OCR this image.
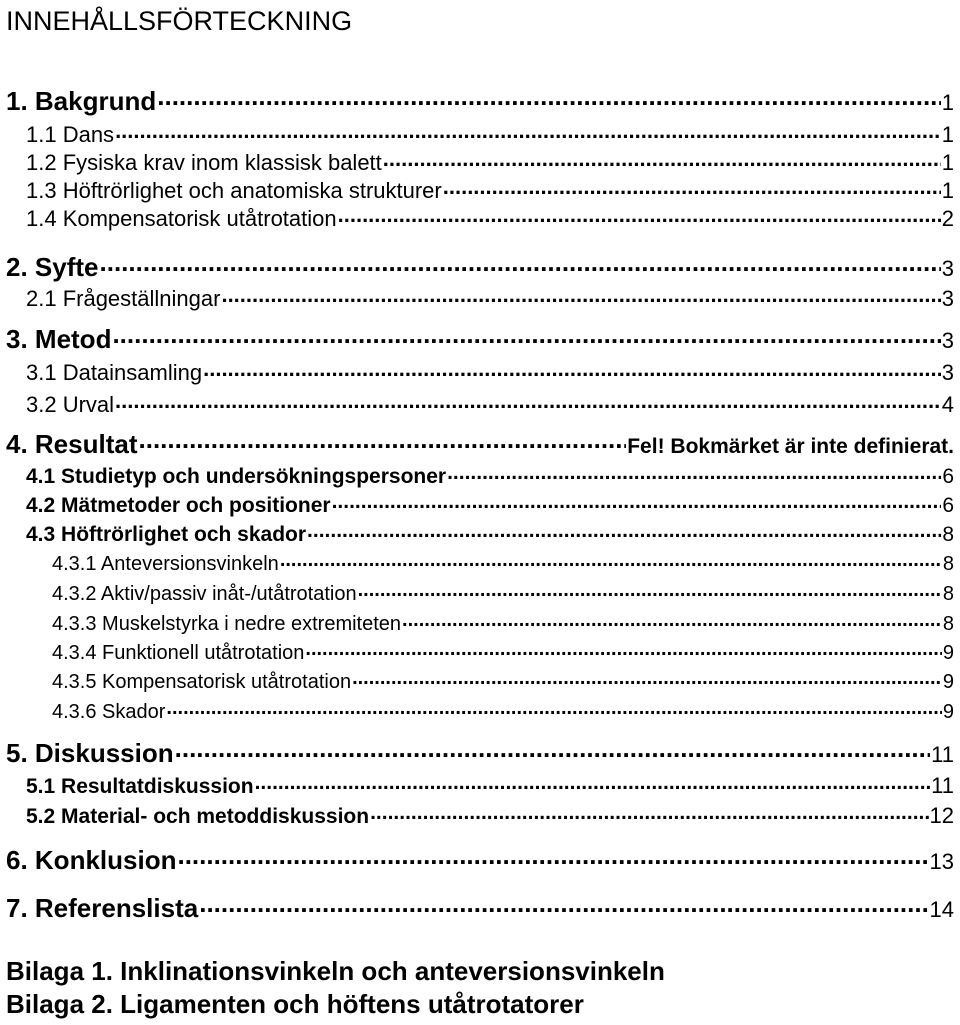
INNEHÅLLSFÖRTECKNING
1. Bakgrund .....	1
1.1 Dans .....	1
1.2 Fysiska krav inom klassisk balett .....	1
1.3 Höftrörlighet och anatomiska strukturer .....	1
1.4 Kompensatorisk utåtrotation .....	2
2. Syfte .....	3
2.1 Frågeställningar .....	3
3. Metod .....	3
3.1 Datainsamling .....	3
3.2 Urval .....	4
4. Resultat .....	Fel! Bokmärket är inte definierat.
4.1 Studietyp och undersökningspersoner .....	6
4.2 Mätmetoder och positioner .....	6
4.3 Höftrörlighet och skador .....	8
4.3.1 Anteversionsvinkeln .....	8
4.3.2 Aktiv/passiv inåt-/utåtrotation .....	8
4.3.3 Muskelstyrka i nedre extremiteten .....	8
4.3.4 Funktionell utåtrotation .....	9
4.3.5 Kompensatorisk utåtrotation .....	9
4.3.6 Skador .....	9
5. Diskussion .....	11
5.1 Resultatdiskussion .....	11
5.2 Material- och metoddiskussion .....	12
6. Konklusion .....	13
7. Referenslista .....	14
Bilaga 1. Inklinationsvinkeln och anteversionsvinkeln
Bilaga 2. Ligamenten och höftens utåtrotatorer
